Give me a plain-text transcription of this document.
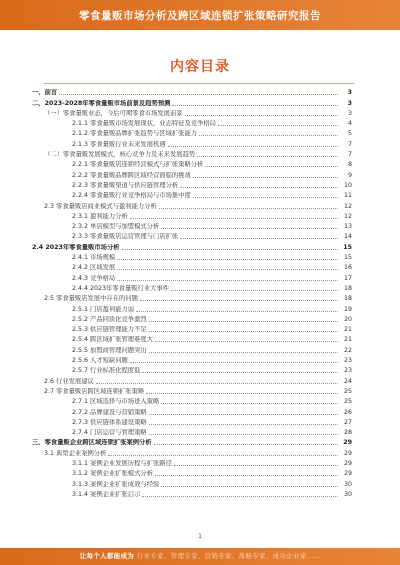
零食量贩市场分析及跨区域连锁扩张策略研究报告
内容目录
一、前言	3
二、2023-2028年零食量贩市场前景及趋势预测	3
（一）零食量贩业态，今后可期零食市场发展前景	3
2.1.1 零食量贩市场发展现状，业态特征及竞争格局	4
2.1.2 零食量贩品牌扩张趋势与区域扩张能力	5
2.1.3 零食量贩行业未来发展机遇	7
（二）零食量贩发展模式，核心竞争力及未来发展趋势	7
2.2.1 零食量贩店连锁经营模式与扩张策略分析	8
2.2.2 零食量贩品牌跨区域经营面临的挑战	9
2.2.3 零食量贩渠道与供应链管理分析	10
2.2.4 零食量贩行业竞争格局与市场集中度	11
2.3 零食量贩店商业模式与盈利能力分析	12
2.3.1 盈利能力分析	12
2.3.2 单店模型与加盟模式分析	13
2.3.3 零食量贩店运营管理与门店扩张	14
2.4 2023年零食量贩市场分析	15
2.4.1 市场规模	15
2.4.2 区域发展	16
2.4.3 竞争格局	17
2.4.4 2023年零食量贩行业大事件	18
2.5 零食量贩店发展中存在的问题	18
2.5.1 门店盈利能力弱	19
2.5.2 产品同质化竞争激烈	20
2.5.3 供应链管理能力不足	21
2.5.4 跨区域扩张管理难度大	21
2.5.5 加盟商管理问题突出	22
2.5.6 人才短缺问题	23
2.5.7 行业标准化程度低	23
2.6 行业发展建议	24
2.7 零食量贩店跨区域连锁扩张策略	25
2.7.1 区域选择与市场进入策略	25
2.7.2 品牌建设与营销策略	26
2.7.3 供应链体系建设策略	27
2.7.4 门店运营与管理策略	28
三、零食量贩企业跨区域连锁扩张案例分析	29
3.1 典型企业案例分析	29
3.1.1 案例企业发展历程与扩张路径	29
3.1.2 案例企业扩张模式分析	29
3.1.3 案例企业扩张成效与经验	30
3.1.4 案例企业扩张启示	30
1
让每个人都能成为 行业专家、管理专家、营销专家、战略专家、成功企业家……
